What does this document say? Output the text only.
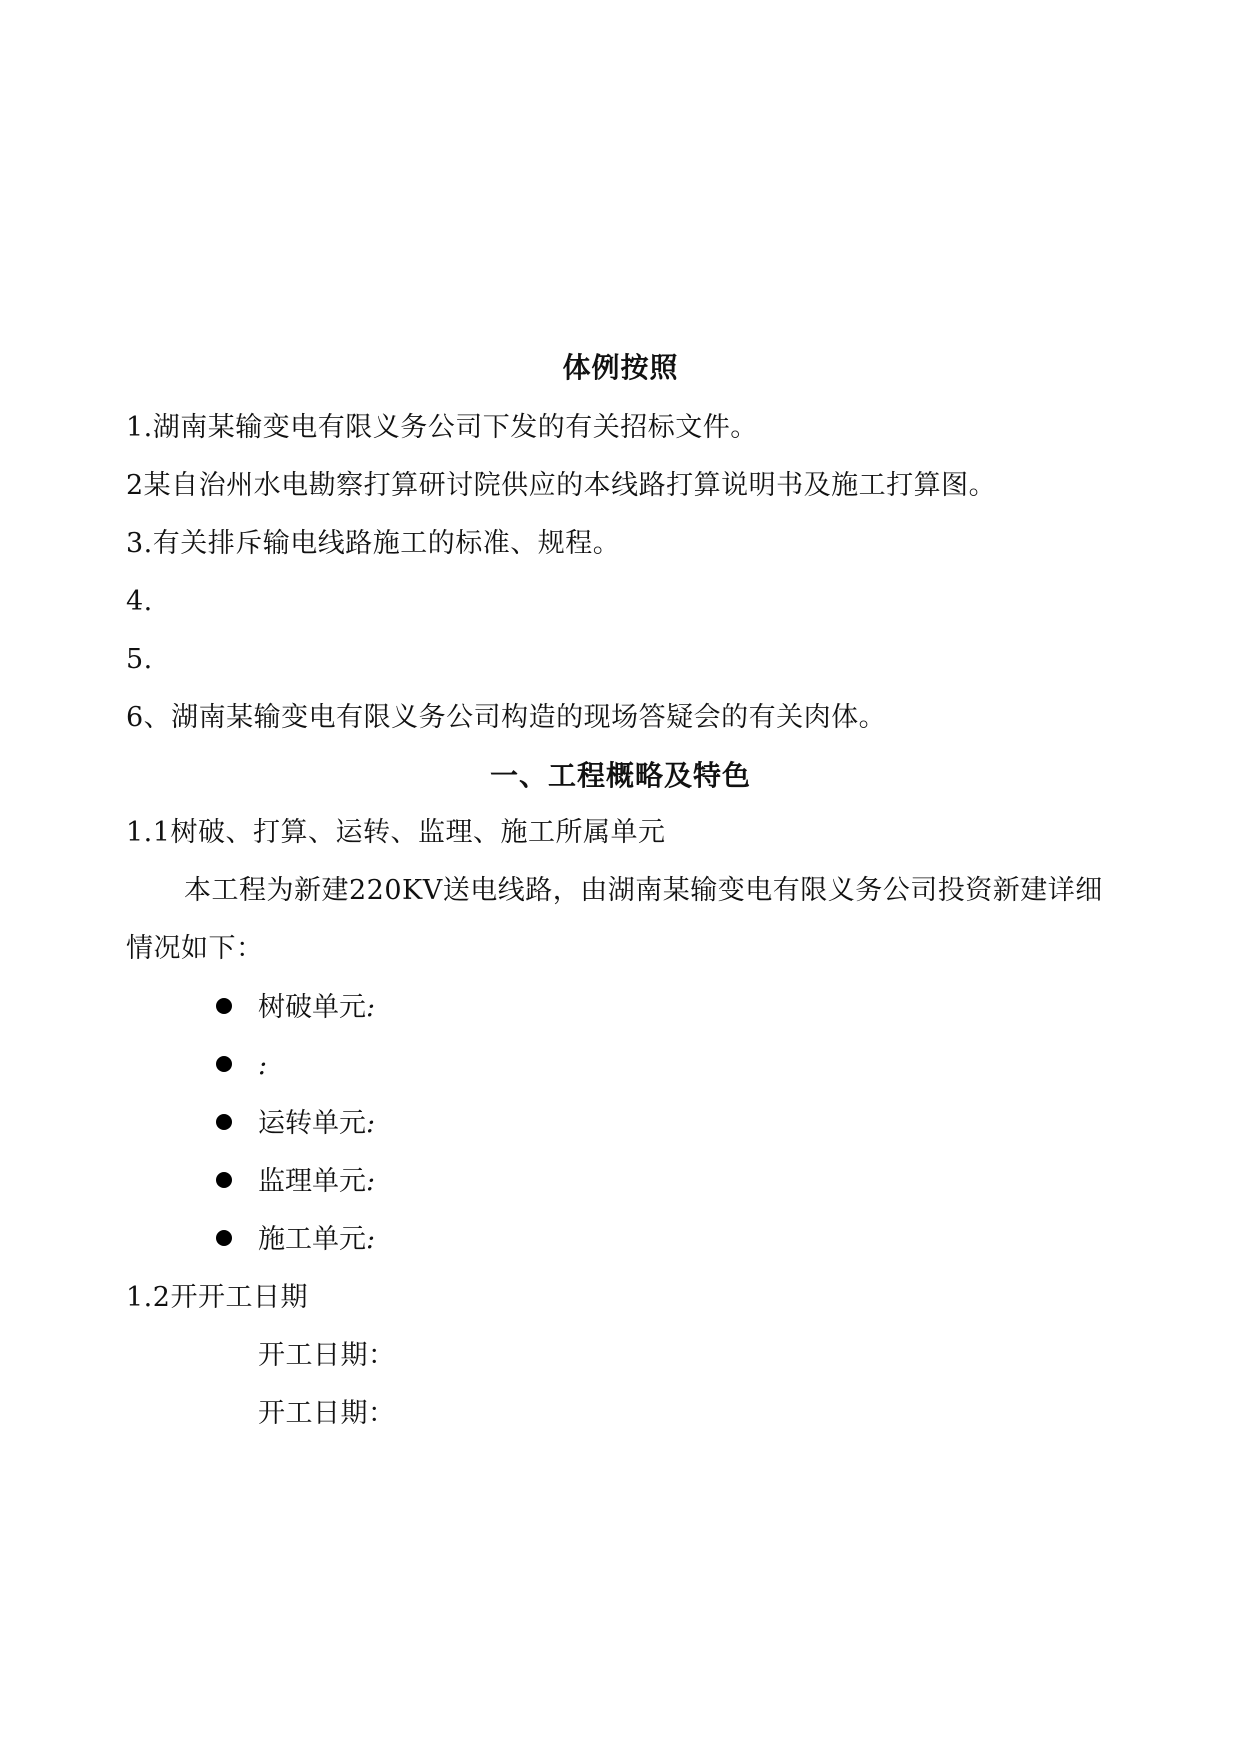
体例按照
1.湖南某输变电有限义务公司下发的有关招标文件。
2某自治州水电勘察打算研讨院供应的本线路打算说明书及施工打算图。
3.有关排斥输电线路施工的标准、规程。
4.
5.
6、湖南某输变电有限义务公司构造的现场答疑会的有关肉体。
一、工程概略及特色
1.1树破、打算、运转、监理、施工所属单元
本工程为新建220KV送电线路，由湖南某输变电有限义务公司投资新建详细
情况如下：
树破单元:
:
运转单元:
监理单元:
施工单元:
1.2开开工日期
开工日期：
开工日期：
